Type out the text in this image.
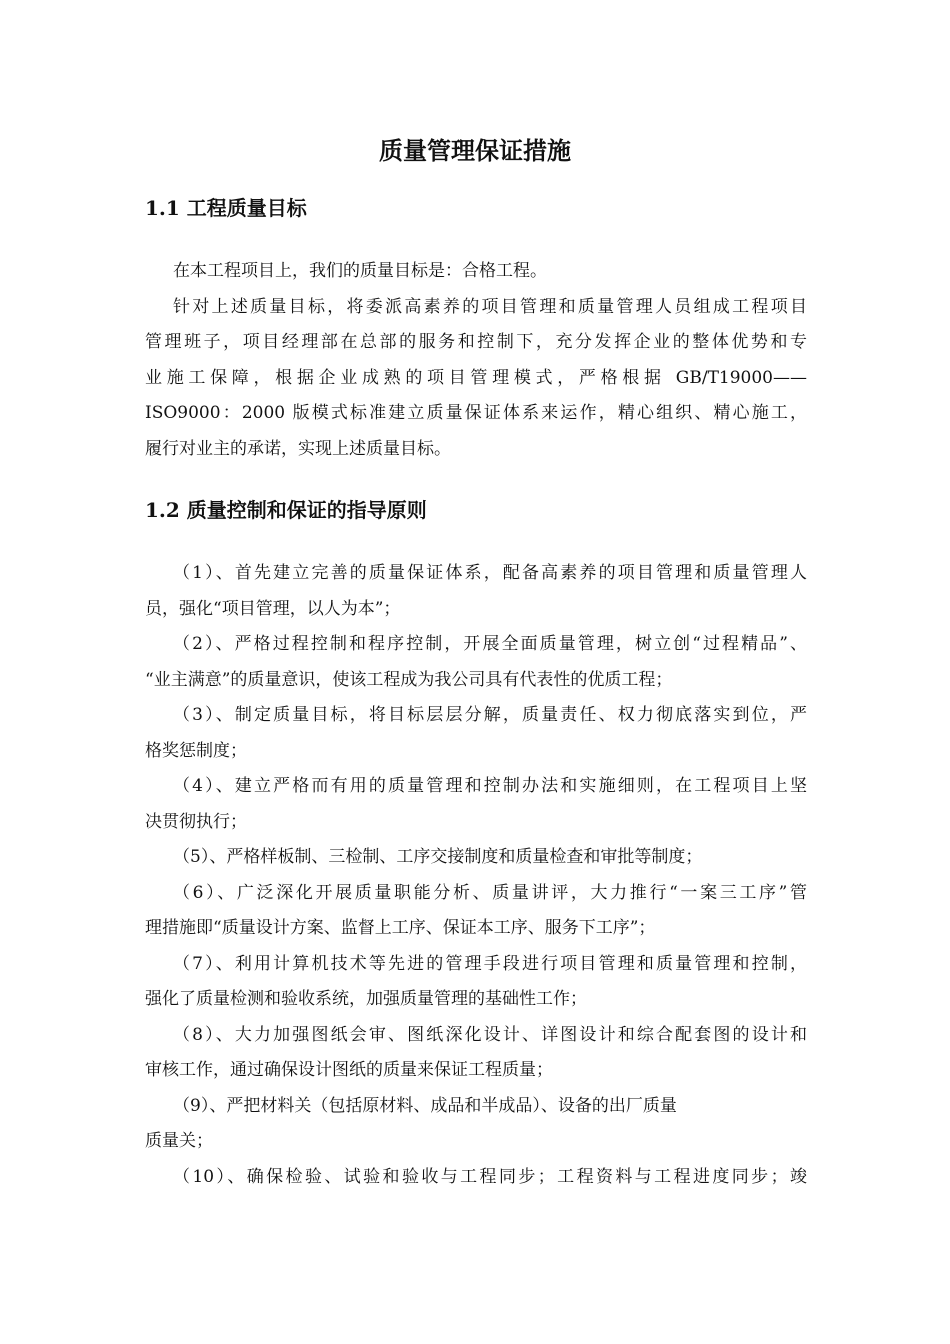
质量管理保证措施
1.1 工程质量目标

在本工程项目上，我们的质量目标是：合格工程。

针对上述质量目标，将委派高素养的项目管理和质量管理人员组成工程项目

管理班子，项目经理部在总部的服务和控制下，充分发挥企业的整体优势和专

业施工保障，根据企业成熟的项目管理模式，严格根据 GB/T19000——

ISO9000：2000 版模式标准建立质量保证体系来运作，精心组织、精心施工，

履行对业主的承诺，实现上述质量目标。

1.2 质量控制和保证的指导原则

（1）、首先建立完善的质量保证体系，配备高素养的项目管理和质量管理人

员，强化“项目管理，以人为本”；

（2）、严格过程控制和程序控制，开展全面质量管理，树立创“过程精品”、

“业主满意”的质量意识，使该工程成为我公司具有代表性的优质工程；

（3）、制定质量目标，将目标层层分解，质量责任、权力彻底落实到位，严

格奖惩制度；

（4）、建立严格而有用的质量管理和控制办法和实施细则，在工程项目上坚

决贯彻执行；

（5）、严格样板制、三检制、工序交接制度和质量检查和审批等制度；

（6）、广泛深化开展质量职能分析、质量讲评，大力推行“一案三工序”管

理措施即“质量设计方案、监督上工序、保证本工序、服务下工序”；

（7）、利用计算机技术等先进的管理手段进行项目管理和质量管理和控制，

强化了质量检测和验收系统，加强质量管理的基础性工作；

（8）、大力加强图纸会审、图纸深化设计、详图设计和综合配套图的设计和

审核工作，通过确保设计图纸的质量来保证工程质量；

（9）、严把材料关（包括原材料、成品和半成品）、设备的出厂质量

质量关；

（10）、确保检验、试验和验收与工程同步；工程资料与工程进度同步；竣
